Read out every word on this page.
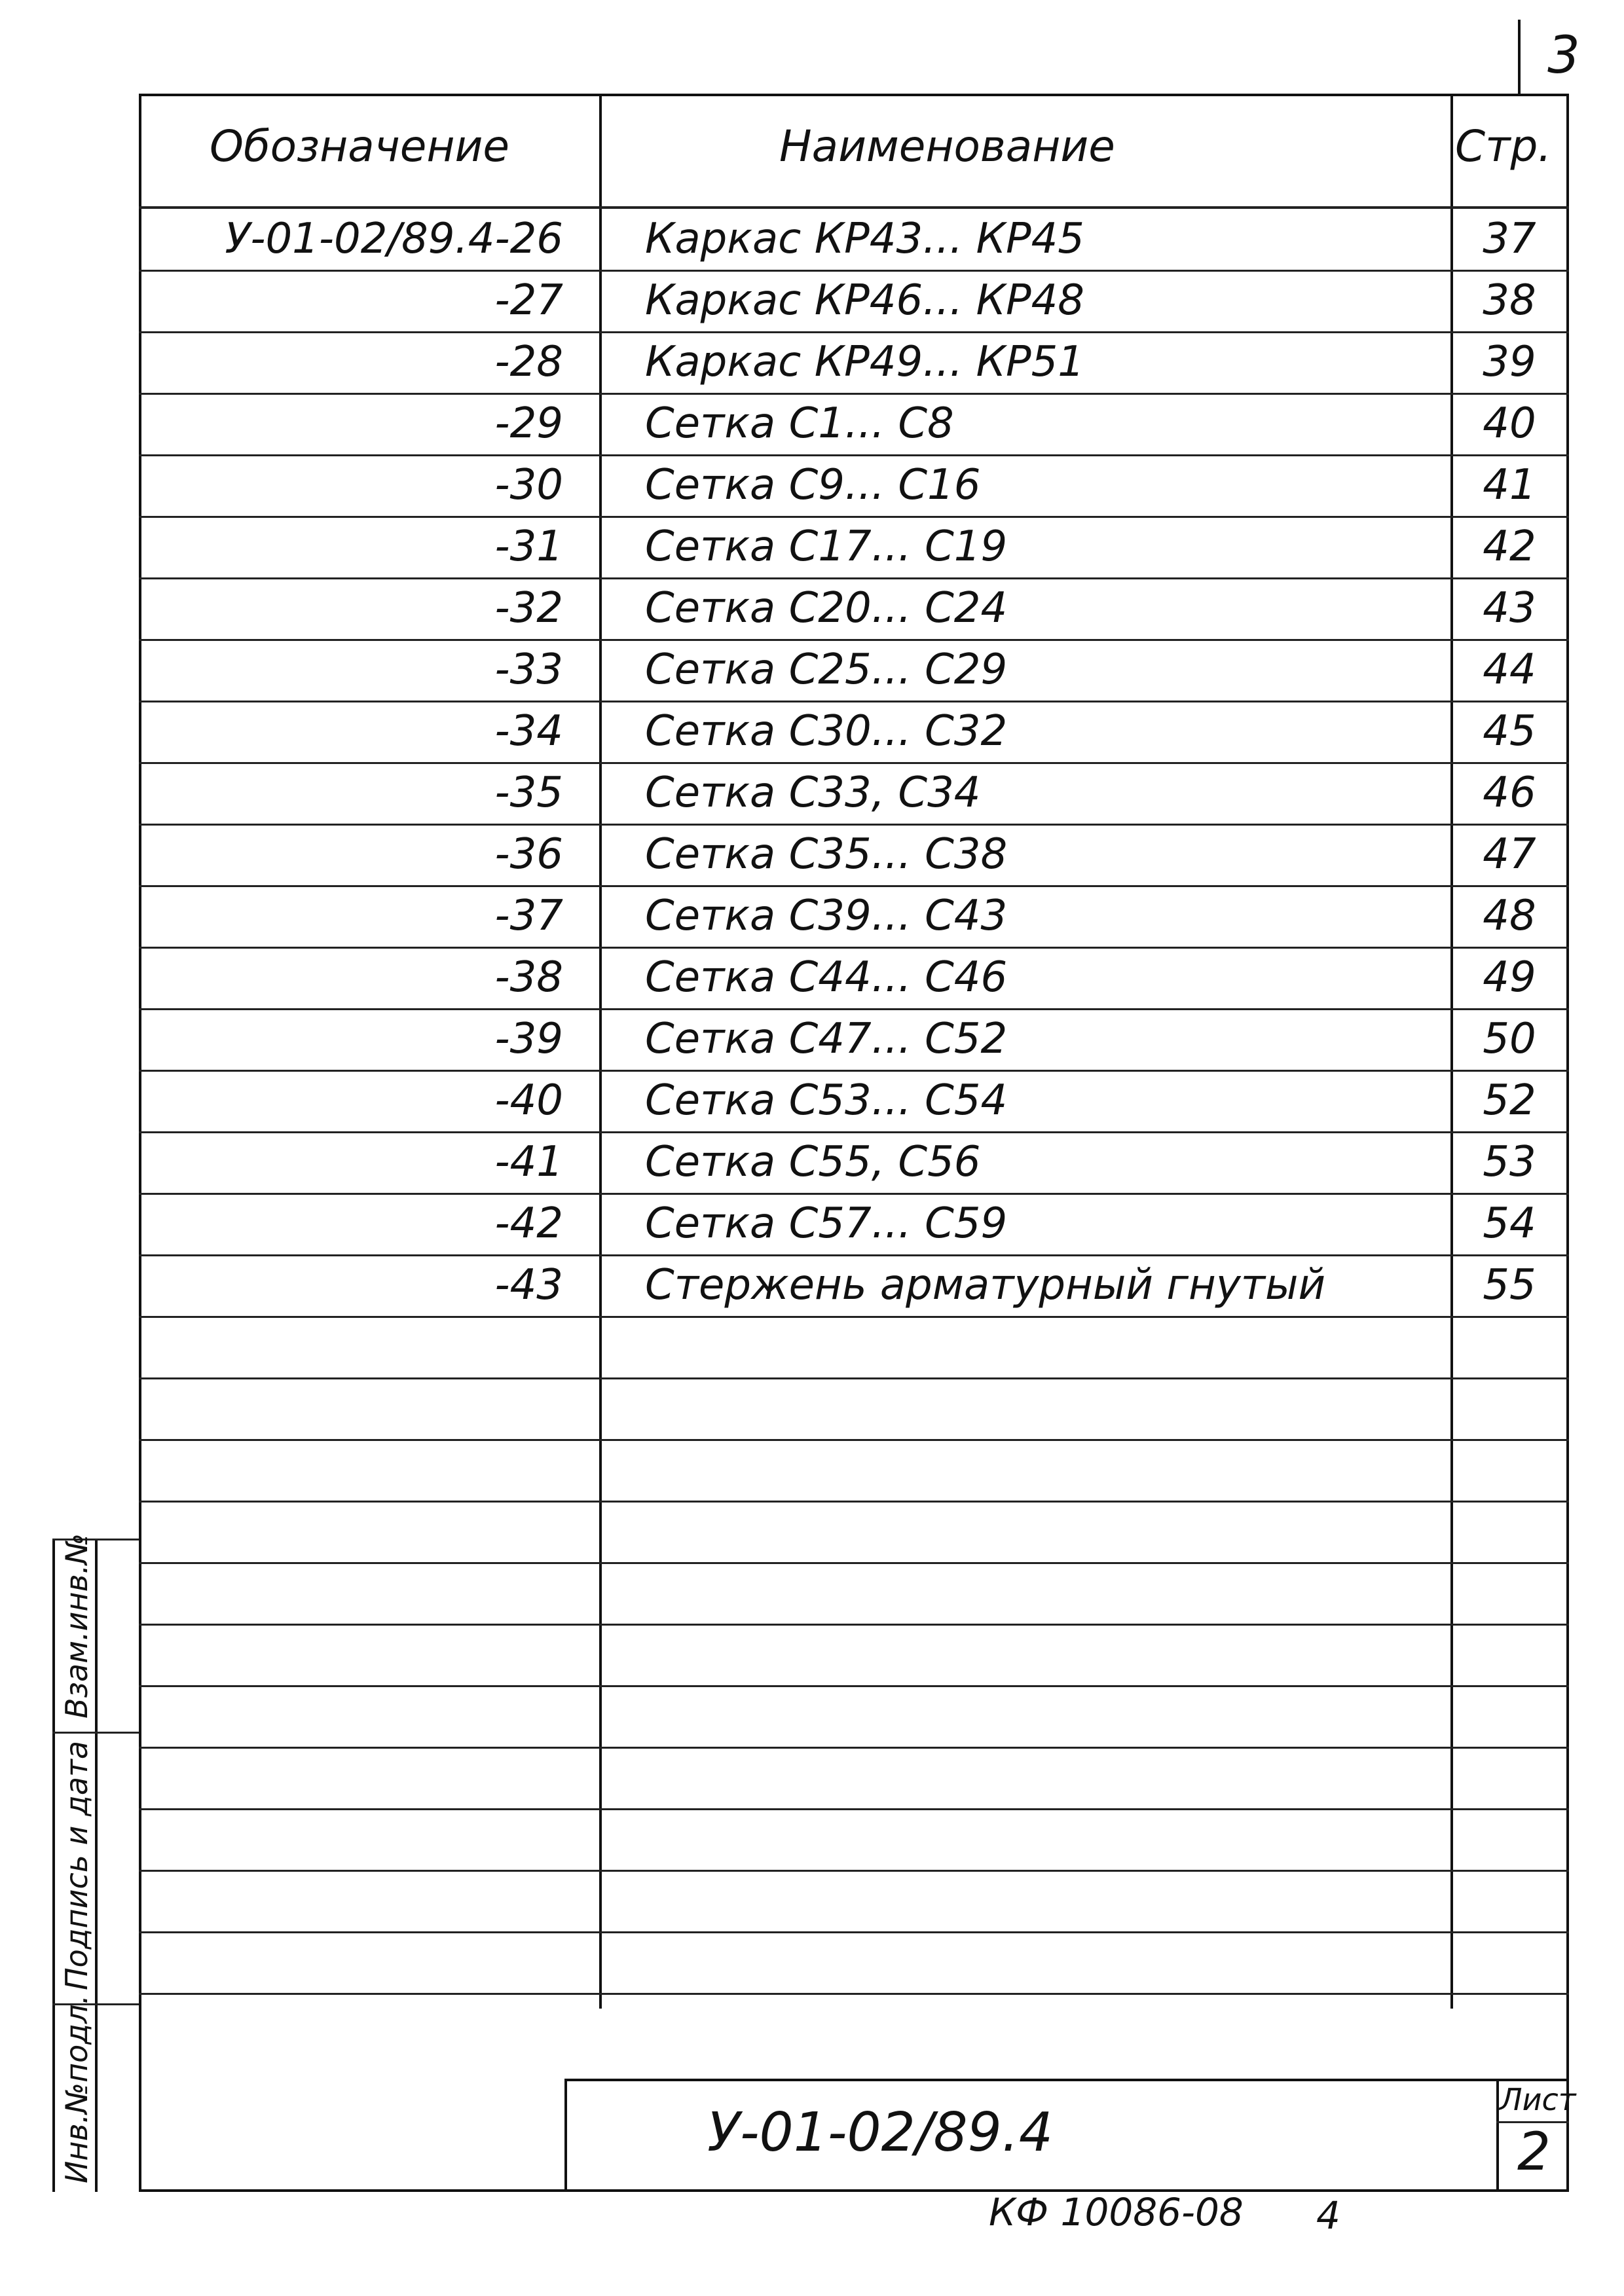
3
Обозначение	Наименование	Стр.
У-01-02/89.4-26 Каркас КР43... КР45	37
-27 Каркас КР46... КР48	38
-28 Каркас КР49... КР51	39
-29 Сетка С1... С8	40
-30 Сетка С9... С16	41
-31 Сетка С17... С19	42
-32 Сетка С20... С24	43
-33 Сетка С25... С29	44
-34 Сетка С30... С32	45
-35 Сетка С33, С34	46
-36 Сетка С35... С38	47
-37 Сетка С39... С43	48
-38 Сетка С44... С46	49
-39 Сетка С47... С52	50
-40 Сетка С53... С54	52
-41 Сетка С55, С56	53
-42 Сетка С57... С59	54
-43 Стержень арматурный гнутый	55
Инв.№подл.
Подпись и дата
Взам.инв.№
У-01-02/89.4
Лист
2
КФ 10086-08 4
